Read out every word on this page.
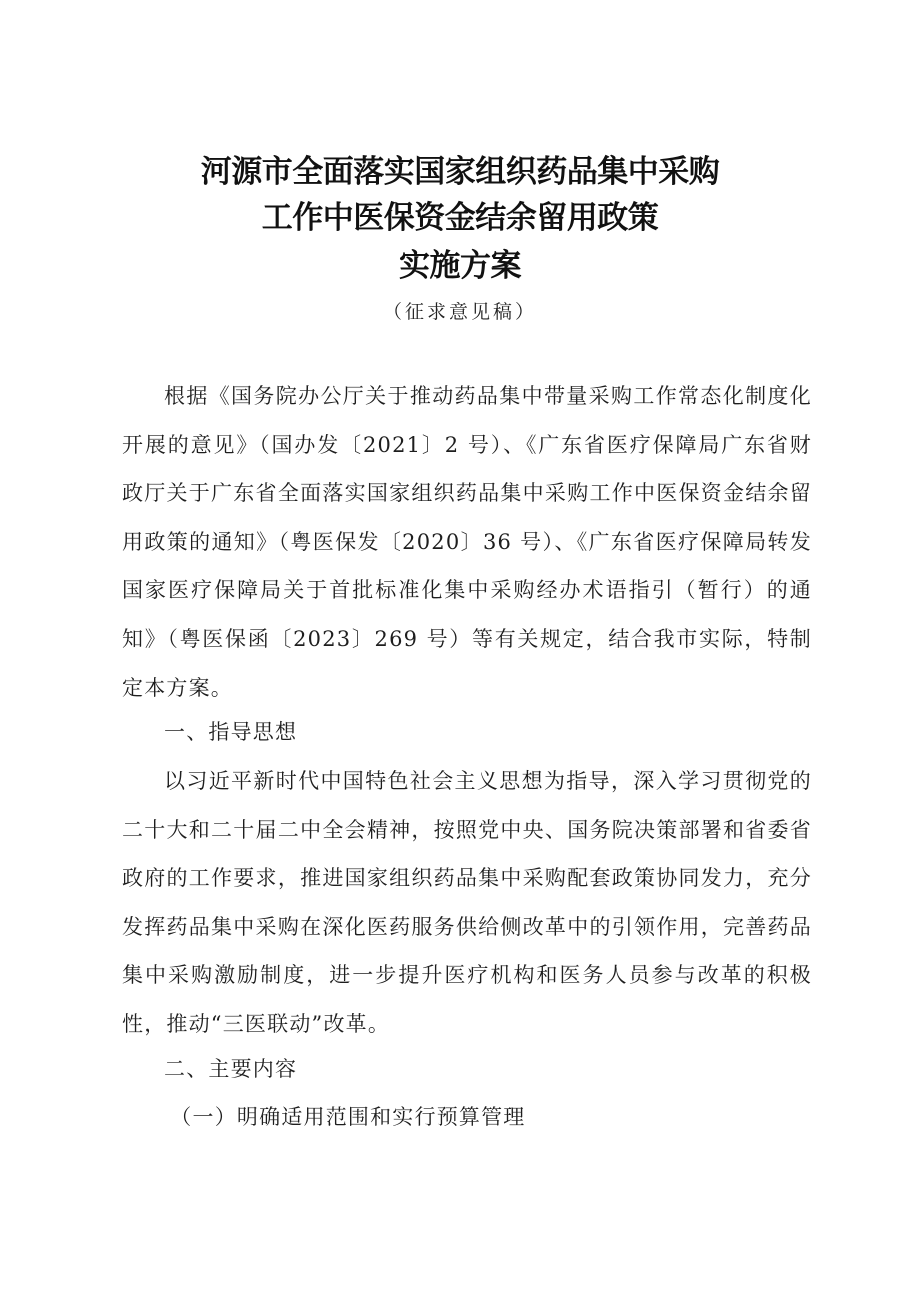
河源市全面落实国家组织药品集中采购
工作中医保资金结余留用政策
实施方案
（征求意见稿）

根据《国务院办公厅关于推动药品集中带量采购工作常态化制度化开展的意见》（国办发〔2021〕2 号）、《广东省医疗保障局广东省财政厅关于广东省全面落实国家组织药品集中采购工作中医保资金结余留用政策的通知》（粤医保发〔2020〕36 号）、《广东省医疗保障局转发国家医疗保障局关于首批标准化集中采购经办术语指引（暂行）的通知》（粤医保函〔2023〕269 号）等有关规定，结合我市实际，特制定本方案。

一、指导思想

以习近平新时代中国特色社会主义思想为指导，深入学习贯彻党的二十大和二十届二中全会精神，按照党中央、国务院决策部署和省委省政府的工作要求，推进国家组织药品集中采购配套政策协同发力，充分发挥药品集中采购在深化医药服务供给侧改革中的引领作用，完善药品集中采购激励制度，进一步提升医疗机构和医务人员参与改革的积极性，推动“三医联动”改革。

二、主要内容

（一）明确适用范围和实行预算管理
